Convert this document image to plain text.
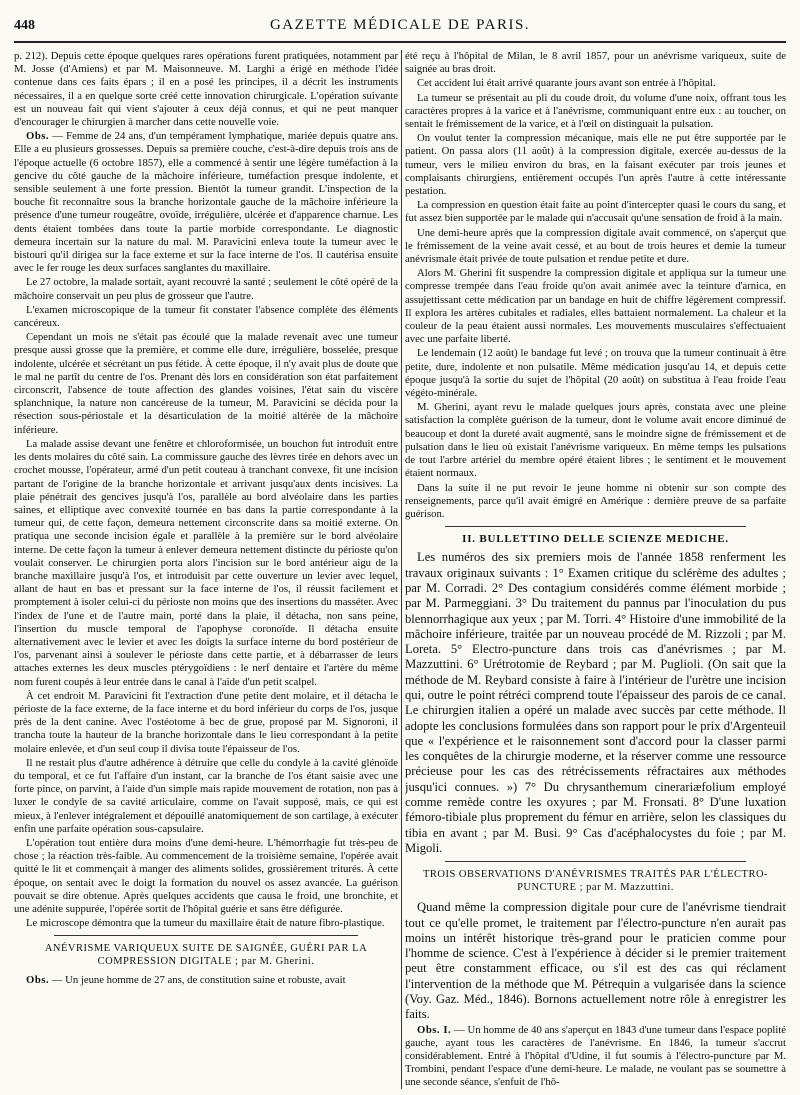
448	GAZETTE MÉDICALE DE PARIS.

p. 212). Depuis cette époque quelques rares opérations furent pratiquées, notamment par M. Josse (d'Amiens) et par M. Maisonneuve. M. Larghi a érigé en méthode l'idée contenue dans ces faits épars ; il en a posé les principes, il a décrit les instruments nécessaires, il a en quelque sorte créé cette innovation chirurgicale. L'opération suivante est un nouveau fait qui vient s'ajouter à ceux déjà connus, et qui ne peut manquer d'encourager le chirurgien à marcher dans cette nouvelle voie.

Obs. — Femme de 24 ans, d'un tempérament lymphatique, mariée depuis quatre ans. Elle a eu plusieurs grossesses. Depuis sa première couche, c'est-à-dire depuis trois ans de l'époque actuelle (6 octobre 1857), elle a commencé à sentir une légère tuméfaction à la gencive du côté gauche de la mâchoire inférieure, tuméfaction presque indolente, et sensible seulement à une forte pression. Bientôt la tumeur grandit. L'inspection de la bouche fit reconnaître sous la branche horizontale gauche de la mâchoire inférieure la présence d'une tumeur rougeâtre, ovoïde, irrégulière, ulcérée et d'apparence charnue. Les dents étaient tombées dans toute la partie morbide correspondante. Le diagnostic demeura incertain sur la nature du mal. M. Paravicini enleva toute la tumeur avec le bistouri qu'il dirigea sur la face externe et sur la face interne de l'os. Il cautérisa ensuite avec le fer rouge les deux surfaces sanglantes du maxillaire.

Le 27 octobre, la malade sortait, ayant recouvré la santé ; seulement le côté opéré de la mâchoire conservait un peu plus de grosseur que l'autre.

L'examen microscopique de la tumeur fit constater l'absence complète des éléments cancéreux.

Cependant un mois ne s'était pas écoulé que la malade revenait avec une tumeur presque aussi grosse que la première, et comme elle dure, irrégulière, bosselée, presque indolente, ulcérée et sécrétant un pus fétide. À cette époque, il n'y avait plus de doute que le mal ne partît du centre de l'os. Prenant dès lors en considération son état parfaitement circonscrit, l'absence de toute affection des glandes voisines, l'état sain du viscère splanchnique, la nature non cancéreuse de la tumeur, M. Paravicini se décida pour la résection sous-périostale et la désarticulation de la moitié altérée de la mâchoire inférieure.

La malade assise devant une fenêtre et chloroformisée, un bouchon fut introduit entre les dents molaires du côté sain. La commissure gauche des lèvres tirée en dehors avec un crochet mousse, l'opérateur, armé d'un petit couteau à tranchant convexe, fit une incision partant de l'origine de la branche horizontale et arrivant jusqu'aux dents incisives. La plaie pénétrait des gencives jusqu'à l'os, parallèle au bord alvéolaire dans les parties saines, et elliptique avec convexité tournée en bas dans la partie correspondante à la tumeur qui, de cette façon, demeura nettement circonscrite dans sa moitié externe. On pratiqua une seconde incision égale et parallèle à la première sur le bord alvéolaire interne. De cette façon la tumeur à enlever demeura nettement distincte du périoste qu'on voulait conserver. Le chirurgien porta alors l'incision sur le bord antérieur aigu de la branche maxillaire jusqu'à l'os, et introduisit par cette ouverture un levier avec lequel, allant de haut en bas et pressant sur la face interne de l'os, il réussit facilement et promptement à isoler celui-ci du périoste non moins que des insertions du masséter. Avec l'index de l'une et de l'autre main, porté dans la plaie, il détacha, non sans peine, l'insertion du muscle temporal de l'apophyse coronoïde. Il détacha ensuite alternativement avec le levier et avec les doigts la surface interne du bord postérieur de l'os, parvenant ainsi à soulever le périoste dans cette partie, et à débarrasser de leurs attaches externes les deux muscles ptérygoïdiens : le nerf dentaire et l'artère du même nom furent coupés à leur entrée dans le canal à l'aide d'un petit scalpel.

À cet endroit M. Paravicini fit l'extraction d'une petite dent molaire, et il détacha le périoste de la face externe, de la face interne et du bord inférieur du corps de l'os, jusque près de la dent canine. Avec l'ostéotome à bec de grue, proposé par M. Signoroni, il trancha toute la hauteur de la branche horizontale dans le lieu correspondant à la petite molaire enlevée, et d'un seul coup il divisa toute l'épaisseur de l'os.

Il ne restait plus d'autre adhérence à détruire que celle du condyle à la cavité glénoïde du temporal, et ce fut l'affaire d'un instant, car la branche de l'os étant saisie avec une forte pince, on parvint, à l'aide d'un simple mais rapide mouvement de rotation, non pas à luxer le condyle de sa cavité articulaire, comme on l'avait supposé, mais, ce qui est mieux, à l'enlever intégralement et dépouillé anatomiquement de son cartilage, à exécuter enfin une parfaite opération sous-capsulaire.

L'opération tout entière dura moins d'une demi-heure. L'hémorrhagie fut très-peu de chose ; la réaction très-faible. Au commencement de la troisième semaine, l'opérée avait quitté le lit et commençait à manger des aliments solides, grossièrement triturés. À cette époque, on sentait avec le doigt la formation du nouvel os assez avancée. La guérison pouvait se dire obtenue. Après quelques accidents que causa le froid, une bronchite, et une adénite suppurée, l'opérée sortit de l'hôpital guérie et sans être défigurée.

Le microscope démontra que la tumeur du maxillaire était de nature fibro-plastique.

ANÉVRISME VARIQUEUX SUITE DE SAIGNÉE, GUÉRI PAR LA COMPRESSION DIGITALE ; par M. Gherini.

Obs. — Un jeune homme de 27 ans, de constitution saine et robuste, avait

été reçu à l'hôpital de Milan, le 8 avril 1857, pour un anévrisme variqueux, suite de saignée au bras droit.

Cet accident lui était arrivé quarante jours avant son entrée à l'hôpital.

La tumeur se présentait au pli du coude droit, du volume d'une noix, offrant tous les caractères propres à la varice et à l'anévrisme, communiquant entre eux : au toucher, on sentait le frémissement de la varice, et à l'œil on distinguait la pulsation.

On voulut tenter la compression mécanique, mais elle ne put être supportée par le patient. On passa alors (11 août) à la compression digitale, exercée au-dessus de la tumeur, vers le milieu environ du bras, en la faisant exécuter par trois jeunes et complaisants chirurgiens, entièrement occupés l'un après l'autre à cette intéressante pestation.

La compression en question était faite au point d'intercepter quasi le cours du sang, et fut assez bien supportée par le malade qui n'accusait qu'une sensation de froid à la main.

Une demi-heure après que la compression digitale avait commencé, on s'aperçut que le frémissement de la veine avait cessé, et au bout de trois heures et demie la tumeur anévrismale était privée de toute pulsation et rendue petite et dure.

Alors M. Gherini fit suspendre la compression digitale et appliqua sur la tumeur une compresse trempée dans l'eau froide qu'on avait animée avec la teinture d'arnica, en assujettissant cette médication par un bandage en huit de chiffre légèrement compressif. Il explora les artères cubitales et radiales, elles battaient normalement. La chaleur et la couleur de la peau étaient aussi normales. Les mouvements musculaires s'effectuaient avec une parfaite liberté.

Le lendemain (12 août) le bandage fut levé ; on trouva que la tumeur continuait à être petite, dure, indolente et non pulsatile. Même médication jusqu'au 14, et depuis cette époque jusqu'à la sortie du sujet de l'hôpital (20 août) on substitua à l'eau froide l'eau végéto-minérale.

M. Gherini, ayant revu le malade quelques jours après, constata avec une pleine satisfaction la complète guérison de la tumeur, dont le volume avait encore diminué de beaucoup et dont la dureté avait augmenté, sans le moindre signe de frémissement et de pulsation dans le lieu où existait l'anévrisme variqueux. En même temps les pulsations de tout l'arbre artériel du membre opéré étaient libres ; le sentiment et le mouvement étaient normaux.

Dans la suite il ne put revoir le jeune homme ni obtenir sur son compte des renseignements, parce qu'il avait émigré en Amérique : dernière preuve de sa parfaite guérison.

II. BULLETTINO DELLE SCIENZE MEDICHE.

Les numéros des six premiers mois de l'année 1858 renferment les travaux originaux suivants : 1° Examen critique du sclérème des adultes ; par M. Corradi. 2° Des contagium considérés comme élément morbide ; par M. Parmeggiani. 3° Du traitement du pannus par l'inoculation du pus blennorrhagique aux yeux ; par M. Torri. 4° Histoire d'une immobilité de la mâchoire inférieure, traitée par un nouveau procédé de M. Rizzoli ; par M. Loreta. 5° Electro-puncture dans trois cas d'anévrismes ; par M. Mazzuttini. 6° Urétrotomie de Reybard ; par M. Puglioli. (On sait que la méthode de M. Reybard consiste à faire à l'intérieur de l'urètre une incision qui, outre le point rétréci comprend toute l'épaisseur des parois de ce canal. Le chirurgien italien a opéré un malade avec succès par cette méthode. Il adopte les conclusions formulées dans son rapport pour le prix d'Argenteuil que « l'expérience et le raisonnement sont d'accord pour la classer parmi les conquêtes de la chirurgie moderne, et la réserver comme une ressource précieuse pour les cas des rétrécissements réfractaires aux méthodes jusqu'ici connues. ») 7° Du chrysanthemum cinerariæfolium employé comme remède contre les oxyures ; par M. Fronsati. 8° D'une luxation fémoro-tibiale plus proprement du fémur en arrière, selon les classiques du tibia en avant ; par M. Busi. 9° Cas d'acéphalocystes du foie ; par M. Migoli.

TROIS OBSERVATIONS D'ANÉVRISMES TRAITÉS PAR L'ÉLECTRO-PUNCTURE ; par M. Mazzuttini.

Quand même la compression digitale pour cure de l'anévrisme tiendrait tout ce qu'elle promet, le traitement par l'électro-puncture n'en aurait pas moins un intérêt historique très-grand pour le praticien comme pour l'homme de science. C'est à l'expérience à décider si le premier traitement peut être constamment efficace, ou s'il est des cas qui réclament l'intervention de la méthode que M. Pétrequin a vulgarisée dans la science (Voy. Gaz. Méd., 1846). Bornons actuellement notre rôle à enregistrer les faits.

Obs. I. — Un homme de 40 ans s'aperçut en 1843 d'une tumeur dans l'espace poplité gauche, ayant tous les caractères de l'anévrisme. En 1846, la tumeur s'accrut considérablement. Entré à l'hôpital d'Udine, il fut soumis à l'électro-puncture par M. Trombini, pendant l'espace d'une demi-heure. Le malade, ne voulant pas se soumettre à une seconde séance, s'enfuit de l'hô-
